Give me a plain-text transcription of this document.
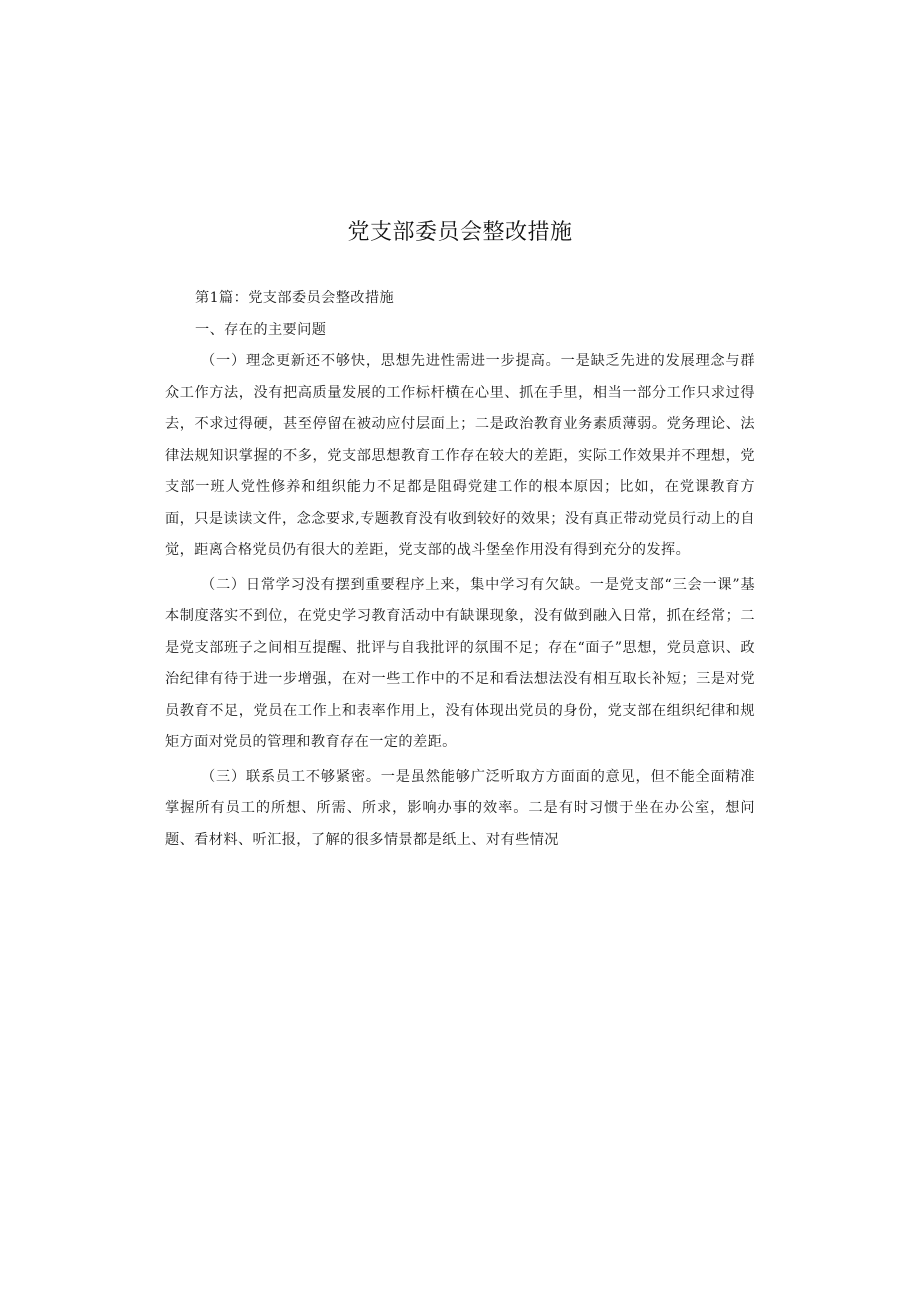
党支部委员会整改措施

第1篇：党支部委员会整改措施

一、存在的主要问题

（一）理念更新还不够快，思想先进性需进一步提高。一是缺乏先进的发展理念与群众工作方法，没有把高质量发展的工作标杆横在心里、抓在手里，相当一部分工作只求过得去，不求过得硬，甚至停留在被动应付层面上；二是政治教育业务素质薄弱。党务理论、法律法规知识掌握的不多，党支部思想教育工作存在较大的差距，实际工作效果并不理想，党支部一班人党性修养和组织能力不足都是阻碍党建工作的根本原因；比如，在党课教育方面，只是读读文件，念念要求,专题教育没有收到较好的效果；没有真正带动党员行动上的自觉，距离合格党员仍有很大的差距，党支部的战斗堡垒作用没有得到充分的发挥。

（二）日常学习没有摆到重要程序上来，集中学习有欠缺。一是党支部“三会一课”基本制度落实不到位，在党史学习教育活动中有缺课现象，没有做到融入日常，抓在经常；二是党支部班子之间相互提醒、批评与自我批评的氛围不足；存在“面子”思想，党员意识、政治纪律有待于进一步增强，在对一些工作中的不足和看法想法没有相互取长补短；三是对党员教育不足，党员在工作上和表率作用上，没有体现出党员的身份，党支部在组织纪律和规矩方面对党员的管理和教育存在一定的差距。

（三）联系员工不够紧密。一是虽然能够广泛听取方方面面的意见，但不能全面精准掌握所有员工的所想、所需、所求，影响办事的效率。二是有时习惯于坐在办公室，想问题、看材料、听汇报，了解的很多情景都是纸上、对有些情况
